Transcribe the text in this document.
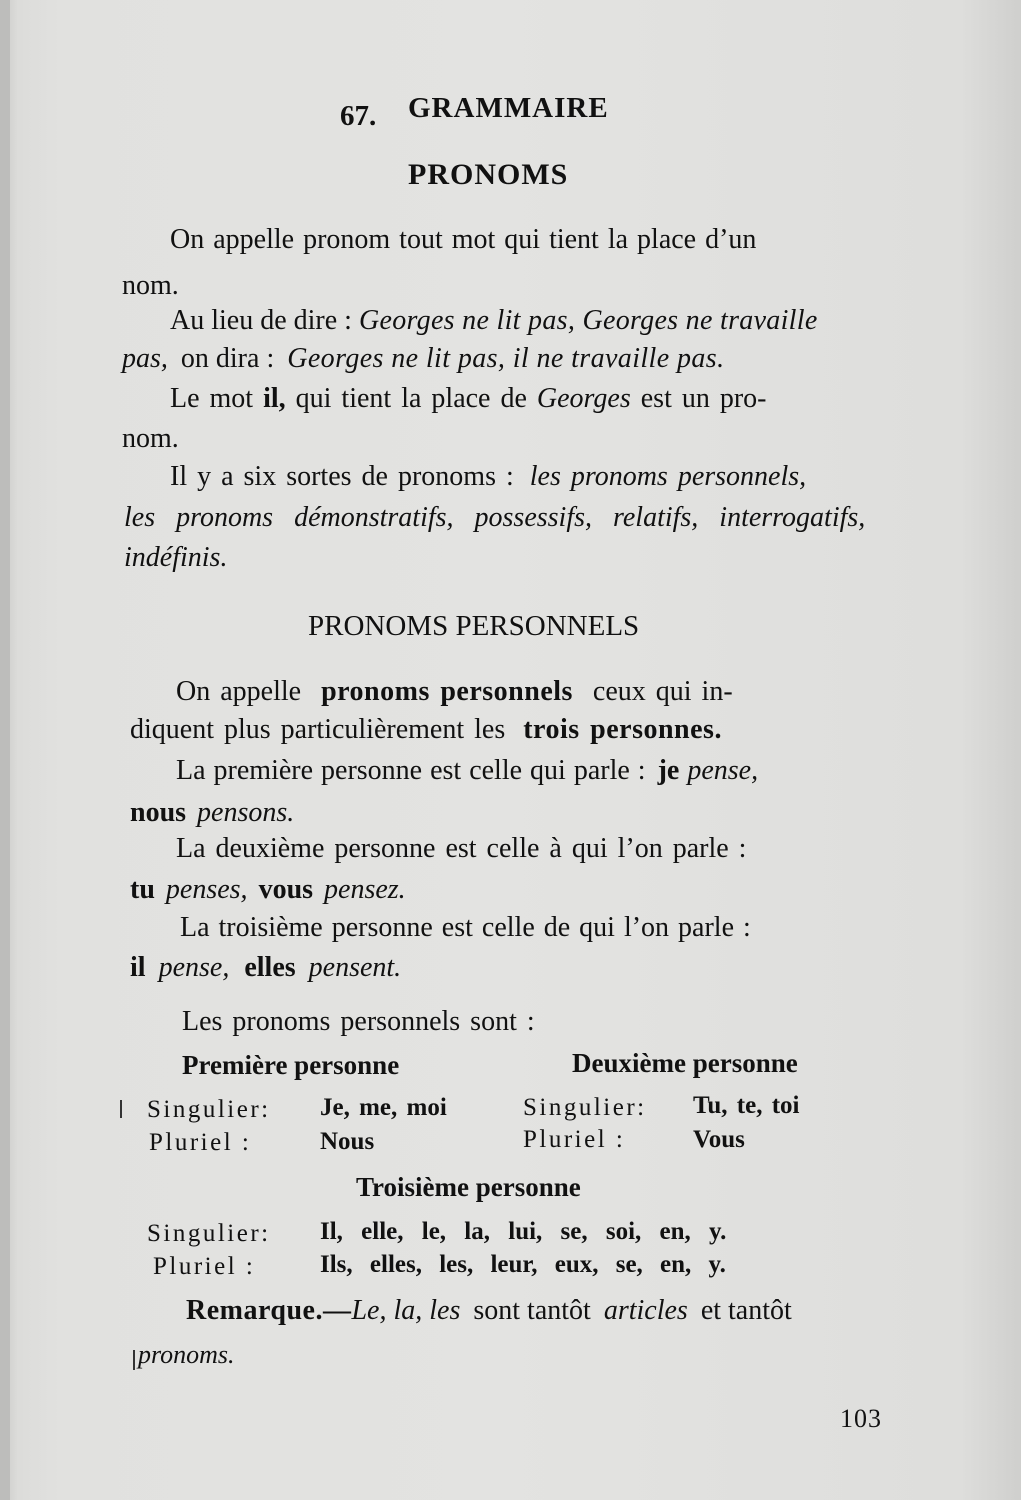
67. GRAMMAIRE
PRONOMS
On appelle pronom tout mot qui tient la place d’un
nom.
Au lieu de dire : Georges ne lit pas, Georges ne travaille
pas, on dira : Georges ne lit pas, il ne travaille pas.
Le mot il, qui tient la place de Georges est un pro-
nom.
Il y a six sortes de pronoms : les pronoms personnels,
les pronoms démonstratifs, possessifs, relatifs, interrogatifs,
indéfinis.
PRONOMS PERSONNELS
On appelle pronoms personnels ceux qui in-
diquent plus particulièrement les trois personnes.
La première personne est celle qui parle : je pense,
nous pensons.
La deuxième personne est celle à qui l’on parle :
tu penses, vous pensez.
La troisième personne est celle de qui l’on parle :
il pense, elles pensent.
Les pronoms personnels sont :
Première personne	Deuxième personne
Singulier: Je, me, moi	Singulier: Tu, te, toi
Pluriel :	Nous	Pluriel :	Vous
Troisième personne
Singulier: Il, elle, le, la, lui, se, soi, en, y.
Pluriel :	Ils, elles, les, leur, eux, se, en, y.
Remarque.—Le, la, les sont tantôt articles et tantôt
pronoms.
103
